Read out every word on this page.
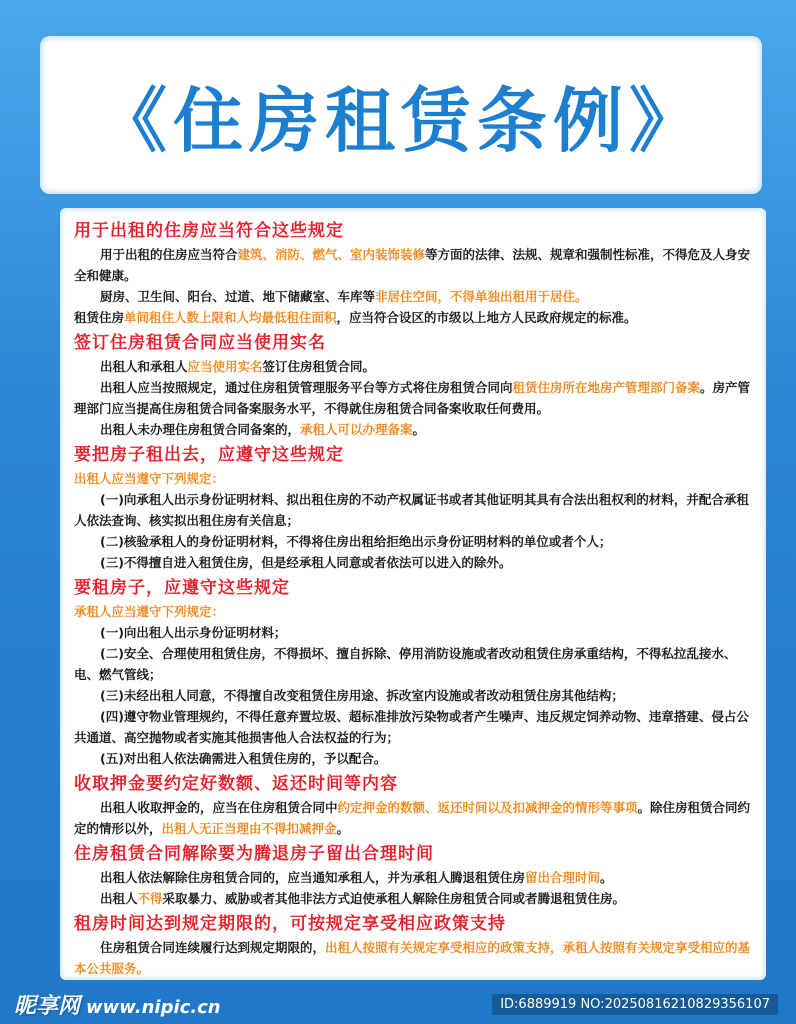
《住房租赁条例》
用于出租的住房应当符合这些规定
用于出租的住房应当符合建筑、消防、燃气、室内装饰装修等方面的法律、法规、规章和强制性标准，不得危及人身安全和健康。
厨房、卫生间、阳台、过道、地下储藏室、车库等非居住空间，不得单独出租用于居住。
租赁住房单间租住人数上限和人均最低租住面积，应当符合设区的市级以上地方人民政府规定的标准。
签订住房租赁合同应当使用实名
出租人和承租人应当使用实名签订住房租赁合同。
出租人应当按照规定，通过住房租赁管理服务平台等方式将住房租赁合同向租赁住房所在地房产管理部门备案。房产管理部门应当提高住房租赁合同备案服务水平，不得就住房租赁合同备案收取任何费用。
出租人未办理住房租赁合同备案的，承租人可以办理备案。
要把房子租出去，应遵守这些规定
出租人应当遵守下列规定：
(一)向承租人出示身份证明材料、拟出租住房的不动产权属证书或者其他证明其具有合法出租权利的材料，并配合承租人依法查询、核实拟出租住房有关信息；
(二)核验承租人的身份证明材料，不得将住房出租给拒绝出示身份证明材料的单位或者个人；
(三)不得擅自进入租赁住房，但是经承租人同意或者依法可以进入的除外。
要租房子，应遵守这些规定
承租人应当遵守下列规定：
(一)向出租人出示身份证明材料；
(二)安全、合理使用租赁住房，不得损坏、擅自拆除、停用消防设施或者改动租赁住房承重结构，不得私拉乱接水、电、燃气管线；
(三)未经出租人同意，不得擅自改变租赁住房用途、拆改室内设施或者改动租赁住房其他结构；
(四)遵守物业管理规约，不得任意弃置垃圾、超标准排放污染物或者产生噪声、违反规定饲养动物、违章搭建、侵占公共通道、高空抛物或者实施其他损害他人合法权益的行为；
(五)对出租人依法确需进入租赁住房的，予以配合。
收取押金要约定好数额、返还时间等内容
出租人收取押金的，应当在住房租赁合同中约定押金的数额、返还时间以及扣减押金的情形等事项。除住房租赁合同约定的情形以外，出租人无正当理由不得扣减押金。
住房租赁合同解除要为腾退房子留出合理时间
出租人依法解除住房租赁合同的，应当通知承租人，并为承租人腾退租赁住房留出合理时间。
出租人不得采取暴力、威胁或者其他非法方式迫使承租人解除住房租赁合同或者腾退租赁住房。
租房时间达到规定期限的，可按规定享受相应政策支持
住房租赁合同连续履行达到规定期限的，出租人按照有关规定享受相应的政策支持，承租人按照有关规定享受相应的基本公共服务。
昵享网 www.nipic.cn	ID:6889919 NO:20250816210829356107
